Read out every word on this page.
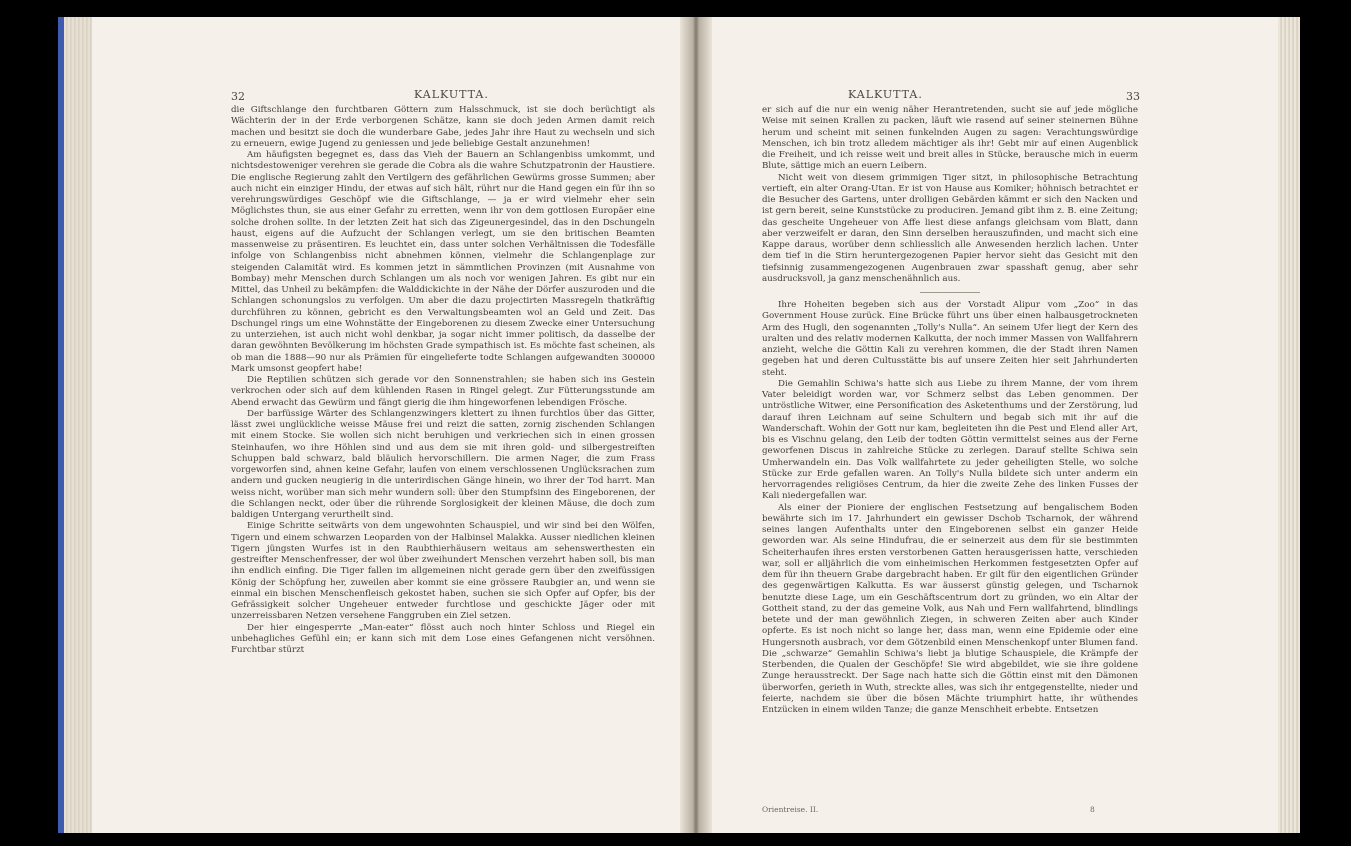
32	KALKUTTA.

die Giftschlange den furchtbaren Göttern zum Halsschmuck, ist sie doch berüchtigt als Wächterin der in der Erde verborgenen Schätze, kann sie doch jeden Armen damit reich machen und besitzt sie doch die wunderbare Gabe, jedes Jahr ihre Haut zu wechseln und sich zu erneuern, ewige Jugend zu geniessen und jede beliebige Gestalt anzunehmen!

Am häufigsten begegnet es, dass das Vieh der Bauern an Schlangenbiss umkommt, und nichtsdestoweniger verehren sie gerade die Cobra als die wahre Schutzpatronin der Haustiere. Die englische Regierung zahlt den Vertilgern des gefährlichen Gewürms grosse Summen; aber auch nicht ein einziger Hindu, der etwas auf sich hält, rührt nur die Hand gegen ein für ihn so verehrungswürdiges Geschöpf wie die Giftschlange, — ja er wird vielmehr eher sein Möglichstes thun, sie aus einer Gefahr zu erretten, wenn ihr von dem gottlosen Europäer eine solche drohen sollte. In der letzten Zeit hat sich das Zigeunergesindel, das in den Dschungeln haust, eigens auf die Aufzucht der Schlangen verlegt, um sie den britischen Beamten massenweise zu präsentiren. Es leuchtet ein, dass unter solchen Verhältnissen die Todesfälle infolge von Schlangenbiss nicht abnehmen können, vielmehr die Schlangenplage zur steigenden Calamität wird. Es kommen jetzt in sämmtlichen Provinzen (mit Ausnahme von Bombay) mehr Menschen durch Schlangen um als noch vor wenigen Jahren. Es gibt nur ein Mittel, das Unheil zu bekämpfen: die Walddickichte in der Nähe der Dörfer auszuroden und die Schlangen schonungslos zu verfolgen. Um aber die dazu projectirten Massregeln thatkräftig durchführen zu können, gebricht es den Verwaltungsbeamten wol an Geld und Zeit. Das Dschungel rings um eine Wohnstätte der Eingeborenen zu diesem Zwecke einer Untersuchung zu unterziehen, ist auch nicht wohl denkbar, ja sogar nicht immer politisch, da dasselbe der daran gewöhnten Bevölkerung im höchsten Grade sympathisch ist. Es möchte fast scheinen, als ob man die 1888—90 nur als Prämien für eingelieferte todte Schlangen aufgewandten 300000 Mark umsonst geopfert habe!

Die Reptilien schützen sich gerade vor den Sonnenstrahlen; sie haben sich ins Gestein verkrochen oder sich auf dem kühlenden Rasen in Ringel gelegt. Zur Fütterungsstunde am Abend erwacht das Gewürm und fängt gierig die ihm hingeworfenen lebendigen Frösche.

Der barfüssige Wärter des Schlangenzwingers klettert zu ihnen furchtlos über das Gitter, lässt zwei unglückliche weisse Mäuse frei und reizt die satten, zornig zischenden Schlangen mit einem Stocke. Sie wollen sich nicht beruhigen und verkriechen sich in einen grossen Steinhaufen, wo ihre Höhlen sind und aus dem sie mit ihren gold- und silbergestreiften Schuppen bald schwarz, bald bläulich hervorschillern. Die armen Nager, die zum Frass vorgeworfen sind, ahnen keine Gefahr, laufen von einem verschlossenen Unglücksrachen zum andern und gucken neugierig in die unterirdischen Gänge hinein, wo ihrer der Tod harrt. Man weiss nicht, worüber man sich mehr wundern soll: über den Stumpfsinn des Eingeborenen, der die Schlangen neckt, oder über die rührende Sorglosigkeit der kleinen Mäuse, die doch zum baldigen Untergang verurtheilt sind.

Einige Schritte seitwärts von dem ungewohnten Schauspiel, und wir sind bei den Wölfen, Tigern und einem schwarzen Leoparden von der Halbinsel Malakka. Ausser niedlichen kleinen Tigern jüngsten Wurfes ist in den Raubthierhäusern weitaus am sehenswerthesten ein gestreifter Menschenfresser, der wol über zweihundert Menschen verzehrt haben soll, bis man ihn endlich einfing. Die Tiger fallen im allgemeinen nicht gerade gern über den zweifüssigen König der Schöpfung her, zuweilen aber kommt sie eine grössere Raubgier an, und wenn sie einmal ein bischen Menschenfleisch gekostet haben, suchen sie sich Opfer auf Opfer, bis der Gefrässigkeit solcher Ungeheuer entweder furchtlose und geschickte Jäger oder mit unzerreissbaren Netzen versehene Fanggruben ein Ziel setzen.

Der hier eingesperrte „Man-eater“ flösst auch noch hinter Schloss und Riegel ein unbehagliches Gefühl ein; er kann sich mit dem Lose eines Gefangenen nicht versöhnen. Furchtbar stürzt

KALKUTTA.	33

er sich auf die nur ein wenig näher Herantretenden, sucht sie auf jede mögliche Weise mit seinen Krallen zu packen, läuft wie rasend auf seiner steinernen Bühne herum und scheint mit seinen funkelnden Augen zu sagen: Verachtungswürdige Menschen, ich bin trotz alledem mächtiger als ihr! Gebt mir auf einen Augenblick die Freiheit, und ich reisse weit und breit alles in Stücke, berausche mich in euerm Blute, sättige mich an euern Leibern.

Nicht weit von diesem grimmigen Tiger sitzt, in philosophische Betrachtung vertieft, ein alter Orang-Utan. Er ist von Hause aus Komiker; höhnisch betrachtet er die Besucher des Gartens, unter drolligen Gebärden kämmt er sich den Nacken und ist gern bereit, seine Kunststücke zu produciren. Jemand gibt ihm z. B. eine Zeitung; das gescheite Ungeheuer von Affe liest diese anfangs gleichsam vom Blatt, dann aber verzweifelt er daran, den Sinn derselben herauszufinden, und macht sich eine Kappe daraus, worüber denn schliesslich alle Anwesenden herzlich lachen. Unter dem tief in die Stirn heruntergezogenen Papier hervor sieht das Gesicht mit den tiefsinnig zusammengezogenen Augenbrauen zwar spasshaft genug, aber sehr ausdrucksvoll, ja ganz menschenähnlich aus.

Ihre Hoheiten begeben sich aus der Vorstadt Alipur vom „Zoo“ in das Government House zurück. Eine Brücke führt uns über einen halbausgetrockneten Arm des Hugli, den sogenannten „Tolly's Nulla“. An seinem Ufer liegt der Kern des uralten und des relativ modernen Kalkutta, der noch immer Massen von Wallfahrern anzieht, welche die Göttin Kali zu verehren kommen, die der Stadt ihren Namen gegeben hat und deren Cultusstätte bis auf unsere Zeiten hier seit Jahrhunderten steht.

Die Gemahlin Schiwa's hatte sich aus Liebe zu ihrem Manne, der vom ihrem Vater beleidigt worden war, vor Schmerz selbst das Leben genommen. Der untröstliche Witwer, eine Personification des Asketenthums und der Zerstörung, lud darauf ihren Leichnam auf seine Schultern und begab sich mit ihr auf die Wanderschaft. Wohin der Gott nur kam, begleiteten ihn die Pest und Elend aller Art, bis es Vischnu gelang, den Leib der todten Göttin vermittelst seines aus der Ferne geworfenen Discus in zahlreiche Stücke zu zerlegen. Darauf stellte Schiwa sein Umherwandeln ein. Das Volk wallfahrtete zu jeder geheiligten Stelle, wo solche Stücke zur Erde gefallen waren. An Tolly's Nulla bildete sich unter anderm ein hervorragendes religiöses Centrum, da hier die zweite Zehe des linken Fusses der Kali niedergefallen war.

Als einer der Pioniere der englischen Festsetzung auf bengalischem Boden bewährte sich im 17. Jahrhundert ein gewisser Dschob Tscharnok, der während seines langen Aufenthalts unter den Eingeborenen selbst ein ganzer Heide geworden war. Als seine Hindufrau, die er seinerzeit aus dem für sie bestimmten Scheiterhaufen ihres ersten verstorbenen Gatten herausgerissen hatte, verschieden war, soll er alljährlich die vom einheimischen Herkommen festgesetzten Opfer auf dem für ihn theuern Grabe dargebracht haben. Er gilt für den eigentlichen Gründer des gegenwärtigen Kalkutta. Es war äusserst günstig gelegen, und Tscharnok benutzte diese Lage, um ein Geschäftscentrum dort zu gründen, wo ein Altar der Gottheit stand, zu der das gemeine Volk, aus Nah und Fern wallfahrtend, blindlings betete und der man gewöhnlich Ziegen, in schweren Zeiten aber auch Kinder opferte. Es ist noch nicht so lange her, dass man, wenn eine Epidemie oder eine Hungersnoth ausbrach, vor dem Götzenbild einen Menschenkopf unter Blumen fand. Die „schwarze“ Gemahlin Schiwa's liebt ja blutige Schauspiele, die Krämpfe der Sterbenden, die Qualen der Geschöpfe! Sie wird abgebildet, wie sie ihre goldene Zunge herausstreckt. Der Sage nach hatte sich die Göttin einst mit den Dämonen überworfen, gerieth in Wuth, streckte alles, was sich ihr entgegenstellte, nieder und feierte, nachdem sie über die bösen Mächte triumphirt hatte, ihr wüthendes Entzücken in einem wilden Tanze; die ganze Menschheit erbebte. Entsetzen

Orientreise. II.	8
